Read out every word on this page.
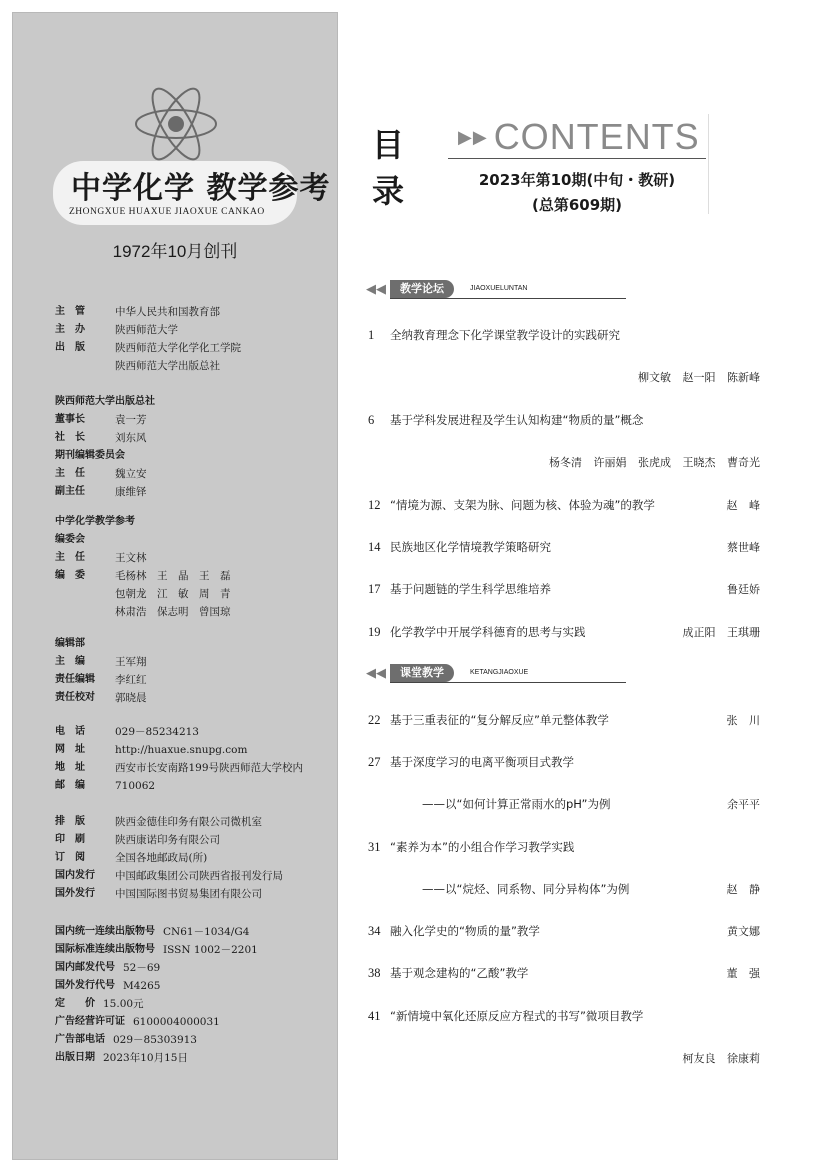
中学化学 教学参考
ZHONGXUE HUAXUE JIAOXUE CANKAO
1972年10月创刊
主　管	中华人民共和国教育部
主　办	陕西师范大学
出　版	陕西师范大学化学化工学院
陕西师范大学出版总社
陕西师范大学出版总社
董事长	袁一芳
社　长	刘东风
期刊编辑委员会
主　任	魏立安
副主任	康维铎
中学化学教学参考
编委会
主　任	王文林
编　委	毛杨林　王　晶　王　磊
包朝龙　江　敏　周　青
林肃浩　保志明　曾国琼
编辑部
主　编	王军翔
责任编辑	李红红
责任校对	郭晓晨
电　话	029－85234213
网　址	http://huaxue.snupg.com
地　址	西安市长安南路199号陕西师范大学校内
邮　编	710062
排　版	陕西金德佳印务有限公司微机室
印　刷	陕西康诺印务有限公司
订　阅	全国各地邮政局(所)
国内发行	中国邮政集团公司陕西省报刊发行局
国外发行	中国国际图书贸易集团有限公司
国内统一连续出版物号 CN61－1034/G4
国际标准连续出版物号 ISSN 1002－2201
国内邮发代号 52－69
国外发行代号 M4265
定　　价 15.00元
广告经营许可证 6100004000031
广告部电话 029－85303913
出版日期 2023年10月15日
目
录
▶▶ CONTENTS
2023年第10期(中旬・教研)
(总第609期)
◀◀	教学论坛	JIAOXUELUNTAN
1 全纳教育理念下化学课堂教学设计的实践研究
柳文敏 赵一阳 陈新峰
6 基于学科发展进程及学生认知构建“物质的量”概念
杨冬清 许丽娟 张虎成 王晓杰 曹奇光
12 “情境为源、支架为脉、问题为核、体验为魂”的教学	赵 峰
14 民族地区化学情境教学策略研究	蔡世峰
17 基于问题链的学生科学思维培养	鲁廷娇
19 化学教学中开展学科德育的思考与实践	成正阳 王琪珊
◀◀	课堂教学	KETANGJIAOXUE
22 基于三重表征的“复分解反应”单元整体教学	张 川
27 基于深度学习的电离平衡项目式教学
——以“如何计算正常雨水的pH”为例	余平平
31 “素养为本”的小组合作学习教学实践
——以“烷烃、同系物、同分异构体”为例	赵 静
34 融入化学史的“物质的量”教学	黄文娜
38 基于观念建构的“乙酸”教学	董 强
41 “新情境中氧化还原反应方程式的书写”微项目教学
柯友良 徐康莉
